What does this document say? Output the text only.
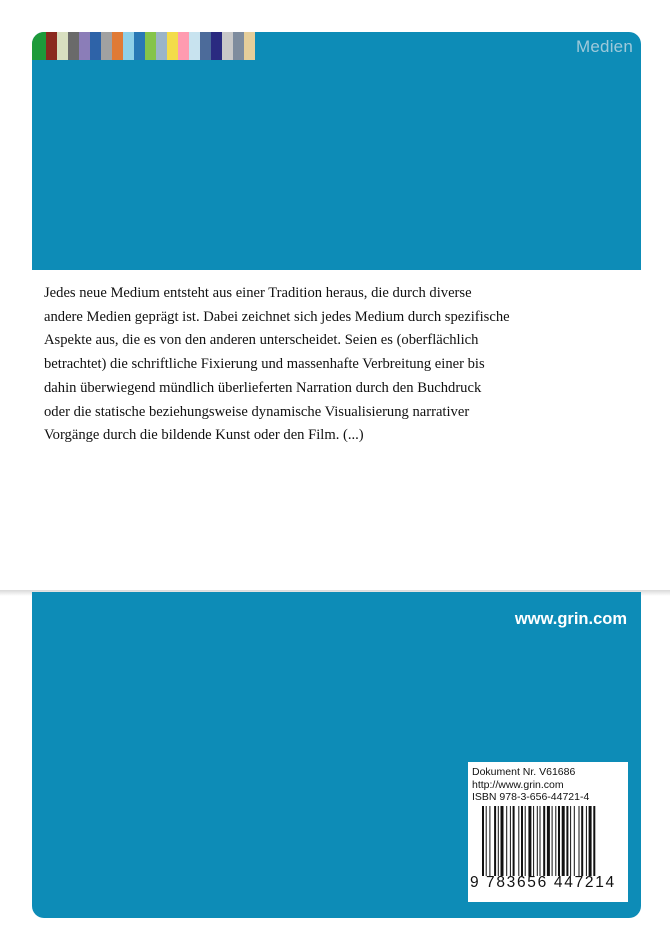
Medien

Jedes neue Medium entsteht aus einer Tradition heraus, die durch diverse
andere Medien geprägt ist. Dabei zeichnet sich jedes Medium durch spezifische
Aspekte aus, die es von den anderen unterscheidet. Seien es (oberflächlich
betrachtet) die schriftliche Fixierung und massenhafte Verbreitung einer bis
dahin überwiegend mündlich überlieferten Narration durch den Buchdruck
oder die statische beziehungsweise dynamische Visualisierung narrativer
Vorgänge durch die bildende Kunst oder den Film. (...)

www.grin.com
Dokument Nr. V61686
http://www.grin.com
ISBN 978-3-656-44721-4
9 783656 447214
